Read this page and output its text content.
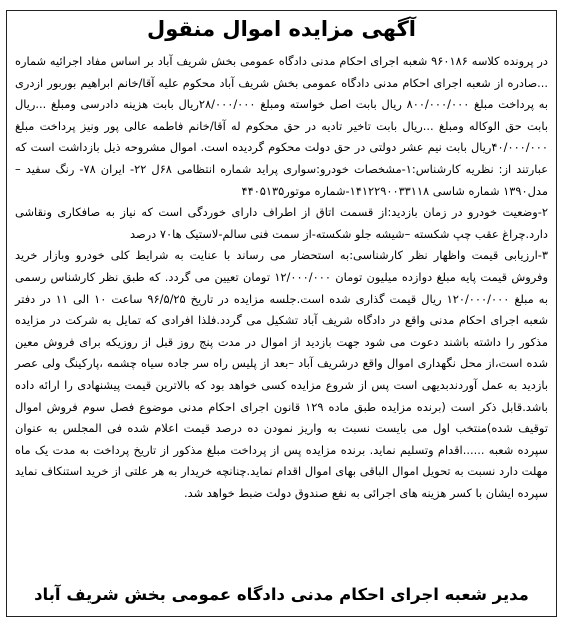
آگهی مزایده اموال منقول

در پرونده کلاسه ۹۶۰۱۸۶ شعبه اجرای احکام مدنی دادگاه عمومی بخش شریف آباد بر اساس مفاد اجرائیه شماره ...صادره از شعبه اجرای احکام مدنی دادگاه عمومی بخش شریف آباد محکوم علیه آقا/خانم ابراهیم بوربور ازدری به پرداخت مبلغ ۸۰۰/۰۰۰/۰۰۰ ریال بابت اصل خواسته ومبلغ ۲۸/۰۰۰/۰۰۰ریال بابت هزینه دادرسی ومبلغ ...ریال بابت حق الوکاله ومبلغ ...ریال بابت تاخیر تادیه در حق محکوم له آقا/خانم فاطمه عالی پور ونیز پرداخت مبلغ ۴۰/۰۰۰/۰۰۰ریال بابت نیم عشر دولتی در حق دولت محکوم گردیده است. اموال مشروحه ذیل بازداشت است که عبارتند از: نظریه کارشناس:۱-مشخصات خودرو:سواری پراید شماره انتظامی ۶۸ل ۲۲- ایران ۷۸- رنگ سفید –مدل۱۳۹۰ شماره شاسی ۱۴۱۲۲۹۰۰۳۳۱۱۸-شماره موتور۴۴۰۵۱۳۵

۲-وضعیت خودرو در زمان بازدید:از قسمت اتاق از اطراف دارای خوردگی است که نیاز به صافکاری ونقاشی دارد.چراغ عقب چپ شکسته –شیشه جلو شکسته-از سمت فنی سالم-لاستیک ها۷۰ درصد

۳-ارزیابی قیمت واظهار نظر کارشناسی:به استحضار می رساند با عنایت به شرایط کلی خودرو وبازار خرید وفروش قیمت پایه مبلغ دوازده میلیون تومان ۱۲/۰۰۰/۰۰۰ تومان تعیین می گردد. که طبق نظر کارشناس رسمی به مبلغ ۱۲۰/۰۰۰/۰۰۰ ریال قیمت گذاری شده است.جلسه مزایده در تاریخ ۹۶/۵/۲۵ ساعت ۱۰ الی ۱۱ در دفتر شعبه اجرای احکام مدنی واقع در دادگاه شریف آباد تشکیل می گردد.فلذا افرادی که تمایل به شرکت در مزایده مذکور را داشته باشند دعوت می شود جهت بازدید از اموال در مدت پنج روز قبل از روزیکه برای فروش معین شده است،از محل نگهداری اموال واقع درشریف آباد –بعد از پلیس راه سر جاده سیاه چشمه ،پارکینگ ولی عصر بازدید به عمل آوردندبدیهی است پس از شروع مزایده کسی خواهد بود که بالاترین قیمت پیشنهادی را ارائه داده باشد.قابل ذکر است (برنده مزایده طبق ماده ۱۲۹ قانون اجرای احکام مدنی موضوع فصل سوم فروش اموال توقیف شده)منتخب اول می بایست نسبت به واریز نمودن ده درصد قیمت اعلام شده فی المجلس به عنوان سپرده شعبه ......اقدام وتسلیم نماید. برنده مزایده پس از پرداخت مبلغ مذکور از تاریخ پرداخت به مدت یک ماه مهلت دارد نسبت به تحویل اموال الباقی بهای اموال اقدام نماید.چنانچه خریدار به هر علتی از خرید استنکاف نماید سپرده ایشان با کسر هزینه های اجرائی به نفع صندوق دولت ضبط خواهد شد.

مدیر شعبه اجرای احکام مدنی دادگاه عمومی بخش شریف آباد
